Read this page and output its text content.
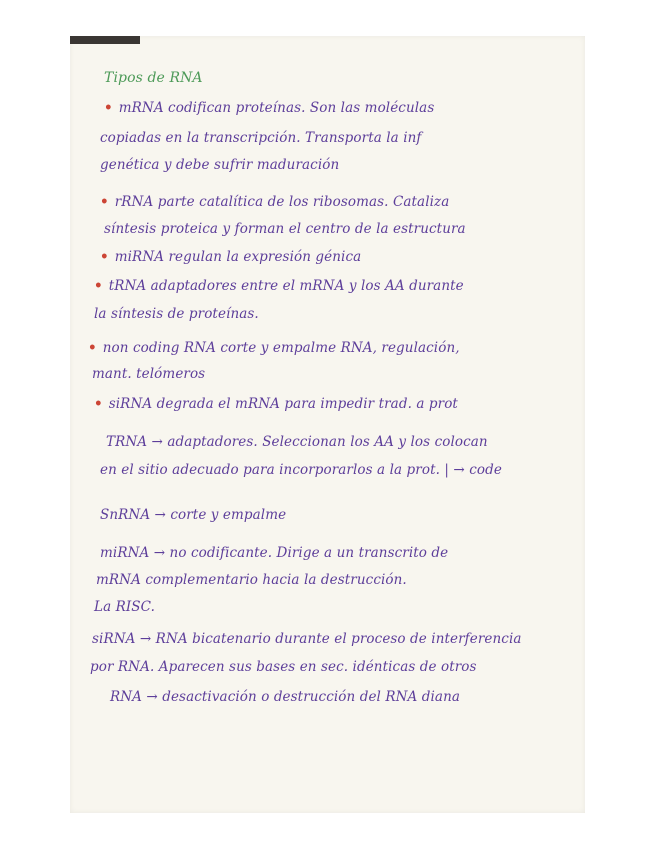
Tipos de RNA

• mRNA codifican proteínas. Son las moléculas

copiadas en la transcripción. Transporta la inf

genética y debe sufrir maduración

• rRNA parte catalítica de los ribosomas. Cataliza

síntesis proteica y forman el centro de la estructura

• miRNA regulan la expresión génica

• tRNA adaptadores entre el mRNA y los AA durante

la síntesis de proteínas.

• non coding RNA corte y empalme RNA, regulación,

mant. telómeros

• siRNA degrada el mRNA para impedir trad. a prot

TRNA → adaptadores. Seleccionan los AA y los colocan

en el sitio adecuado para incorporarlos a la prot. | → code

SnRNA → corte y empalme

miRNA → no codificante. Dirige a un transcrito de

mRNA complementario hacia la destrucción.

La RISC.

siRNA → RNA bicatenario durante el proceso de interferencia

por RNA. Aparecen sus bases en sec. idénticas de otros

RNA → desactivación o destrucción del RNA diana
